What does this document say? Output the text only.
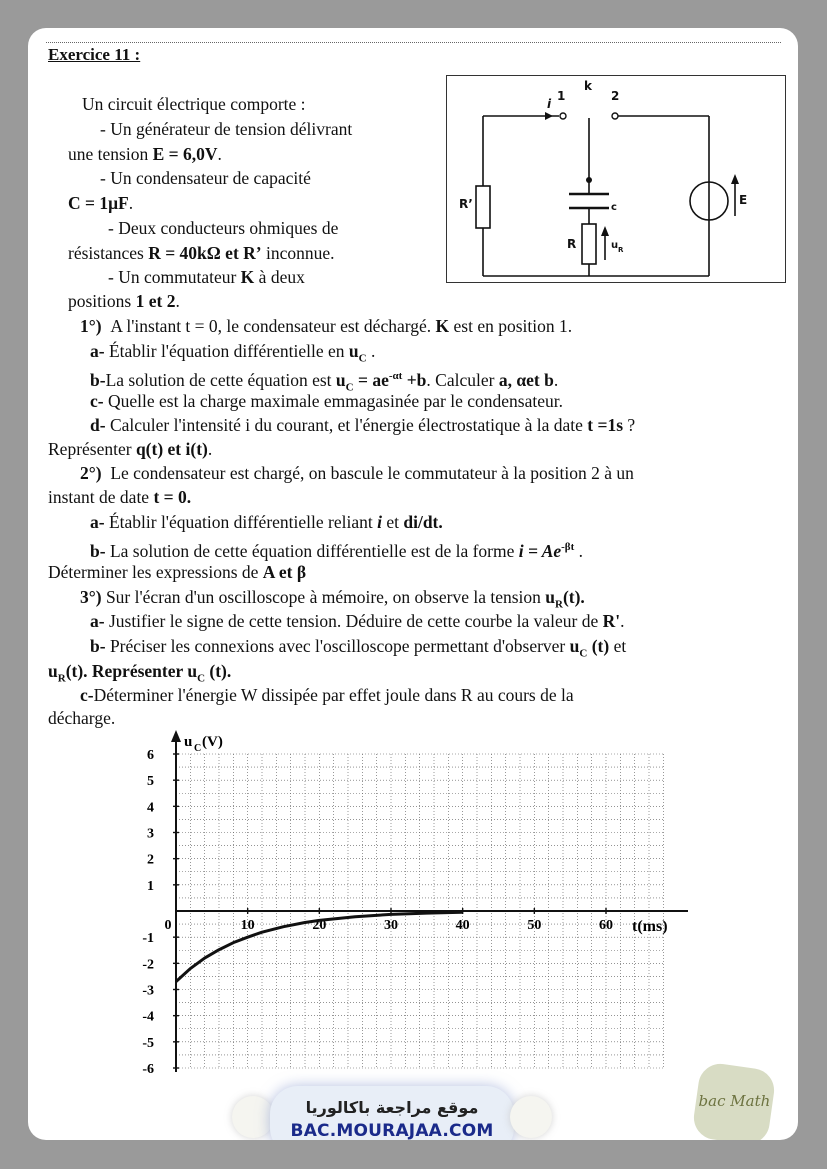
Exercice 11 :
i
1
k
2
R’	c
R	u R
E
Un circuit électrique comporte :
- Un générateur de tension délivrant
une tension E = 6,0V.
- Un condensateur de capacité
C = 1μF.
- Deux conducteurs ohmiques de
résistances R = 40kΩ et R’ inconnue.
- Un commutateur K à deux
positions 1 et 2.
1°) A l'instant t = 0, le condensateur est déchargé. K est en position 1.
a- Établir l'équation différentielle en $u_C$ .
b-La solution de cette équation est $u_C = ae^{-\alpha t} +b$. Calculer a, αet b.
c- Quelle est la charge maximale emmagasinée par le condensateur.
d- Calculer l'intensité i du courant, et l'énergie électrostatique à la date t =1s ?
Représenter q(t) et i(t).
2°) Le condensateur est chargé, on bascule le commutateur à la position 2 à un
instant de date t = 0.
a- Établir l'équation différentielle reliant i et di/dt.
b- La solution de cette équation différentielle est de la forme $i = Ae^{-\beta t}$ .
Déterminer les expressions de A et β
3°) Sur l'écran d'un oscilloscope à mémoire, on observe la tension $u_R(t)$.
a- Justifier le signe de cette tension. Déduire de cette courbe la valeur de R'.
b- Préciser les connexions avec l'oscilloscope permettant d'observer $u_C$ (t) et
$u_R(t)$. Représenter $u_C$ (t).
c-Déterminer l'énergie W dissipée par effet joule dans R au cours de la
décharge.
6
5
4
3
2
1
-1
-2
-3
-4
-5
-6
0	10	20	30	40	50	60
u C (V)
t(ms)
موقع مراجعة باكالوريا
BAC.MOURAJAA.COM
bac Math
